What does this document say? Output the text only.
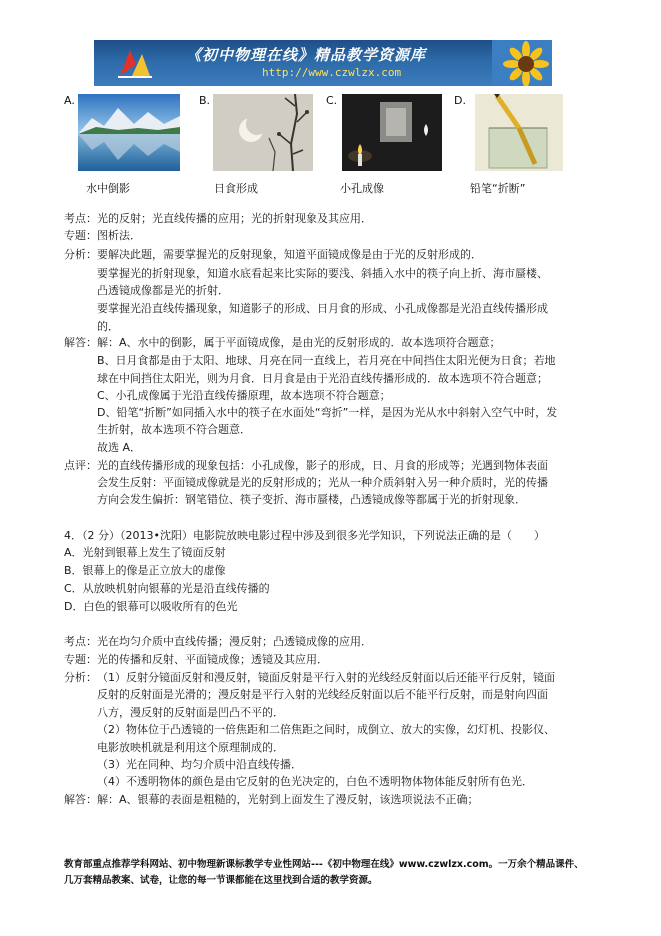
《初中物理在线》精品教学资源库
http://www.czwlzx.com
A.
水中倒影
B.
日食形成
C.
小孔成像
D.
铅笔“折断”
考点： 光的反射；光直线传播的应用；光的折射现象及其应用．
专题： 图析法．
分析： 要解决此题，需要掌握光的反射现象，知道平面镜成像是由于光的反射形成的．
要掌握光的折射现象，知道水底看起来比实际的要浅、斜插入水中的筷子向上折、海市蜃楼、
凸透镜成像都是光的折射．
要掌握光沿直线传播现象，知道影子的形成、日月食的形成、小孔成像都是光沿直线传播形成
的．
解答： 解：A、水中的倒影，属于平面镜成像，是由光的反射形成的．故本选项符合题意；
B、日月食都是由于太阳、地球、月亮在同一直线上，若月亮在中间挡住太阳光便为日食；若地
球在中间挡住太阳光，则为月食．日月食是由于光沿直线传播形成的．故本选项不符合题意；
C、小孔成像属于光沿直线传播原理，故本选项不符合题意；
D、铅笔“折断”如同插入水中的筷子在水面处“弯折”一样，是因为光从水中斜射入空气中时，发
生折射，故本选项不符合题意．
故选 A．
点评： 光的直线传播形成的现象包括：小孔成像，影子的形成，日、月食的形成等；光遇到物体表面
会发生反射：平面镜成像就是光的反射形成的；光从一种介质斜射入另一种介质时，光的传播
方向会发生偏折：钢笔错位、筷子变折、海市蜃楼，凸透镜成像等都属于光的折射现象．
4．（2 分）（2013•沈阳）电影院放映电影过程中涉及到很多光学知识，下列说法正确的是（　　）
A．光射到银幕上发生了镜面反射
B．银幕上的像是正立放大的虚像
C．从放映机射向银幕的光是沿直线传播的
D．白色的银幕可以吸收所有的色光
考点： 光在均匀介质中直线传播；漫反射；凸透镜成像的应用．
专题： 光的传播和反射、平面镜成像；透镜及其应用．
分析： （1）反射分镜面反射和漫反射，镜面反射是平行入射的光线经反射面以后还能平行反射，镜面
反射的反射面是光滑的；漫反射是平行入射的光线经反射面以后不能平行反射，而是射向四面
八方，漫反射的反射面是凹凸不平的．
（2）物体位于凸透镜的一倍焦距和二倍焦距之间时，成倒立、放大的实像，幻灯机、投影仪、
电影放映机就是利用这个原理制成的．
（3）光在同种、均匀介质中沿直线传播．
（4）不透明物体的颜色是由它反射的色光决定的，白色不透明物体物体能反射所有色光．
解答： 解：A、银幕的表面是粗糙的，光射到上面发生了漫反射，该选项说法不正确；
教育部重点推荐学科网站、初中物理新课标教学专业性网站---《初中物理在线》www.czwlzx.com。一万余个精品课件、
几万套精品教案、试卷，让您的每一节课都能在这里找到合适的教学资源。
